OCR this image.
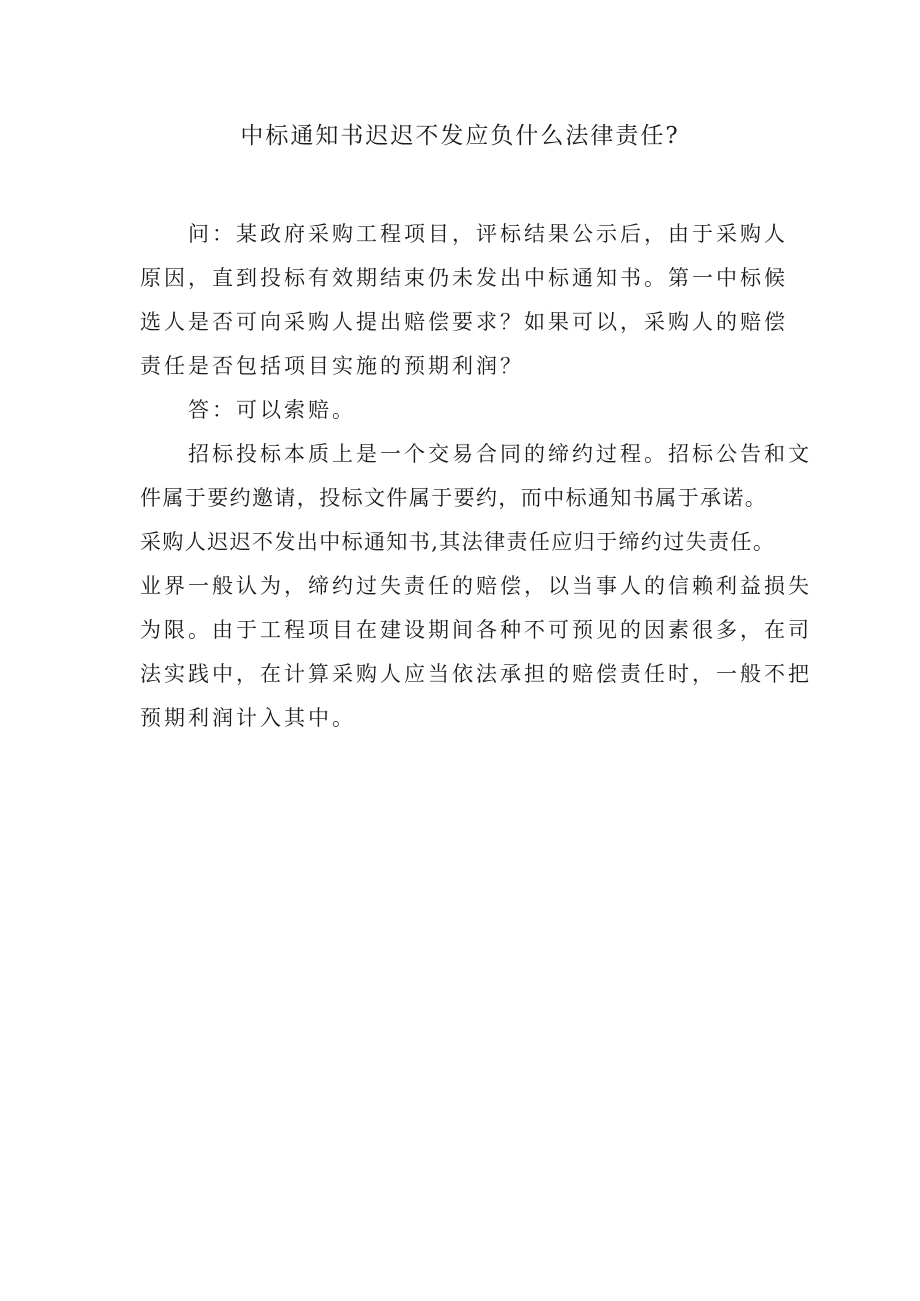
中标通知书迟迟不发应负什么法律责任?
问：某政府采购工程项目，评标结果公示后，由于采购人
原因，直到投标有效期结束仍未发出中标通知书。第一中标候
选人是否可向采购人提出赔偿要求？如果可以，采购人的赔偿
责任是否包括项目实施的预期利润？
答：可以索赔。
招标投标本质上是一个交易合同的缔约过程。招标公告和文
件属于要约邀请，投标文件属于要约，而中标通知书属于承诺。
采购人迟迟不发出中标通知书,其法律责任应归于缔约过失责任。
业界一般认为，缔约过失责任的赔偿，以当事人的信赖利益损失
为限。由于工程项目在建设期间各种不可预见的因素很多，在司
法实践中，在计算采购人应当依法承担的赔偿责任时，一般不把
预期利润计入其中。
